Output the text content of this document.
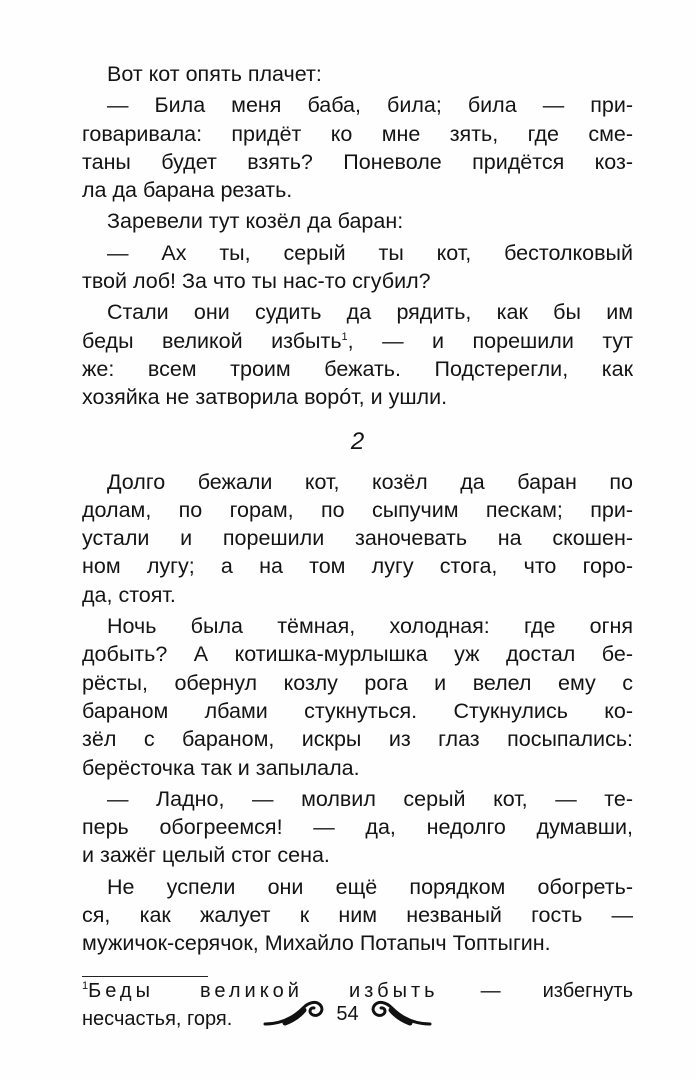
Вот кот опять плачет:
— Била меня баба, била; била — при-
говаривала: придёт ко мне зять, где сме-
таны будет взять? Поневоле придётся коз-
ла да барана резать.
Заревели тут козёл да баран:
— Ах ты, серый ты кот, бестолковый
твой лоб! За что ты нас-то сгубил?
Стали они судить да рядить, как бы им
беды великой избыть$^1$, — и порешили тут
же: всем троим бежать. Подстерегли, как
хозяйка не затворила ворóт, и ушли.
2
Долго бежали кот, козёл да баран по
долам, по горам, по сыпучим пескам; при-
устали и порешили заночевать на скошен-
ном лугу; а на том лугу стога, что горо-
да, стоят.
Ночь была тёмная, холодная: где огня
добыть? А котишка-мурлышка уж достал бе-
рёсты, обернул козлу рога и велел ему с
бараном лбами стукнуться. Стукнулись ко-
зёл с бараном, искры из глаз посыпались:
берёсточка так и запылала.
— Ладно, — молвил серый кот, — те-
перь обогреемся! — да, недолго думавши,
и зажёг целый стог сена.
Не успели они ещё порядком обогреть-
ся, как жалует к ним незваный гость —
мужичок-серячок, Михайло Потапыч Топтыгин.
$^1$Беды великой избыть — избегнуть
несчастья, горя.	54
